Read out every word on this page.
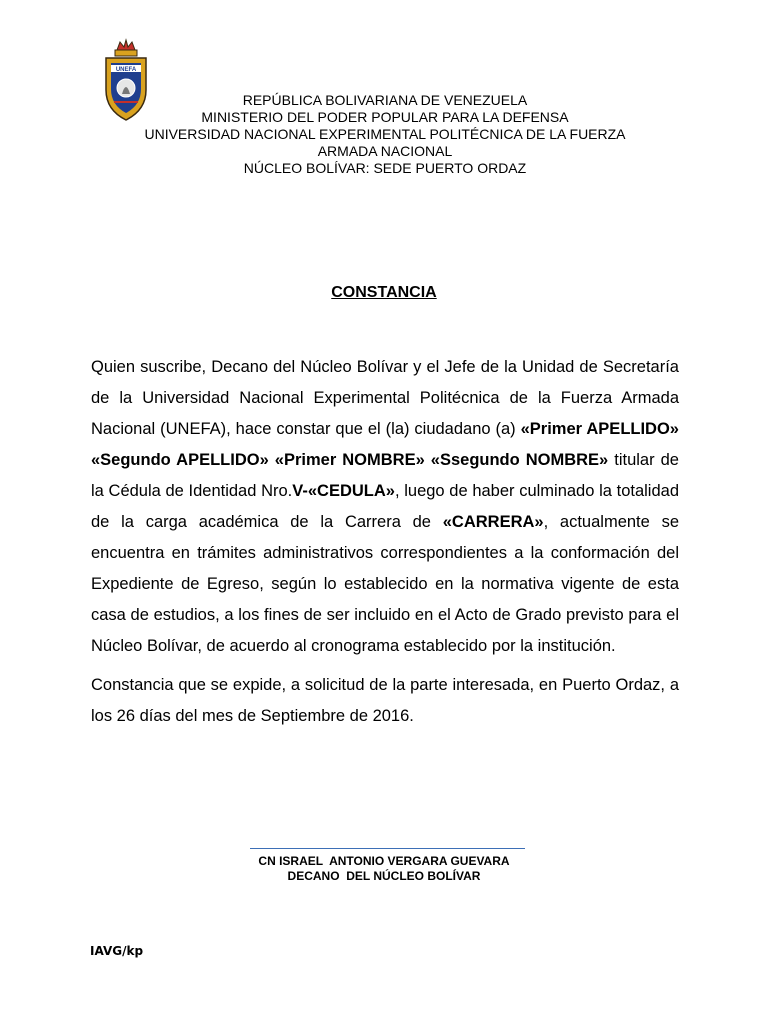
UNEFA
REPÚBLICA BOLIVARIANA DE VENEZUELA
MINISTERIO DEL PODER POPULAR PARA LA DEFENSA
UNIVERSIDAD NACIONAL EXPERIMENTAL POLITÉCNICA DE LA FUERZA
ARMADA NACIONAL
NÚCLEO BOLÍVAR: SEDE PUERTO ORDAZ
CONSTANCIA

Quien suscribe, Decano del Núcleo Bolívar y el Jefe de la Unidad de Secretaría de la Universidad Nacional Experimental Politécnica de la Fuerza Armada Nacional (UNEFA), hace constar que el (la) ciudadano (a) «Primer APELLIDO» «Segundo APELLIDO» «Primer NOMBRE» «Ssegundo NOMBRE» titular de la Cédula de Identidad Nro.V-«CEDULA», luego de haber culminado la totalidad de la carga académica de la Carrera de «CARRERA», actualmente se encuentra en trámites administrativos correspondientes a la conformación del Expediente de Egreso, según lo establecido en la normativa vigente de esta casa de estudios, a los fines de ser incluido en el Acto de Grado previsto para el Núcleo Bolívar, de acuerdo al cronograma establecido por la institución.

Constancia que se expide, a solicitud de la parte interesada, en Puerto Ordaz, a los 26 días del mes de Septiembre de 2016.

CN ISRAEL  ANTONIO VERGARA GUEVARA
DECANO  DEL NÚCLEO BOLÍVAR
IAVG/kp
